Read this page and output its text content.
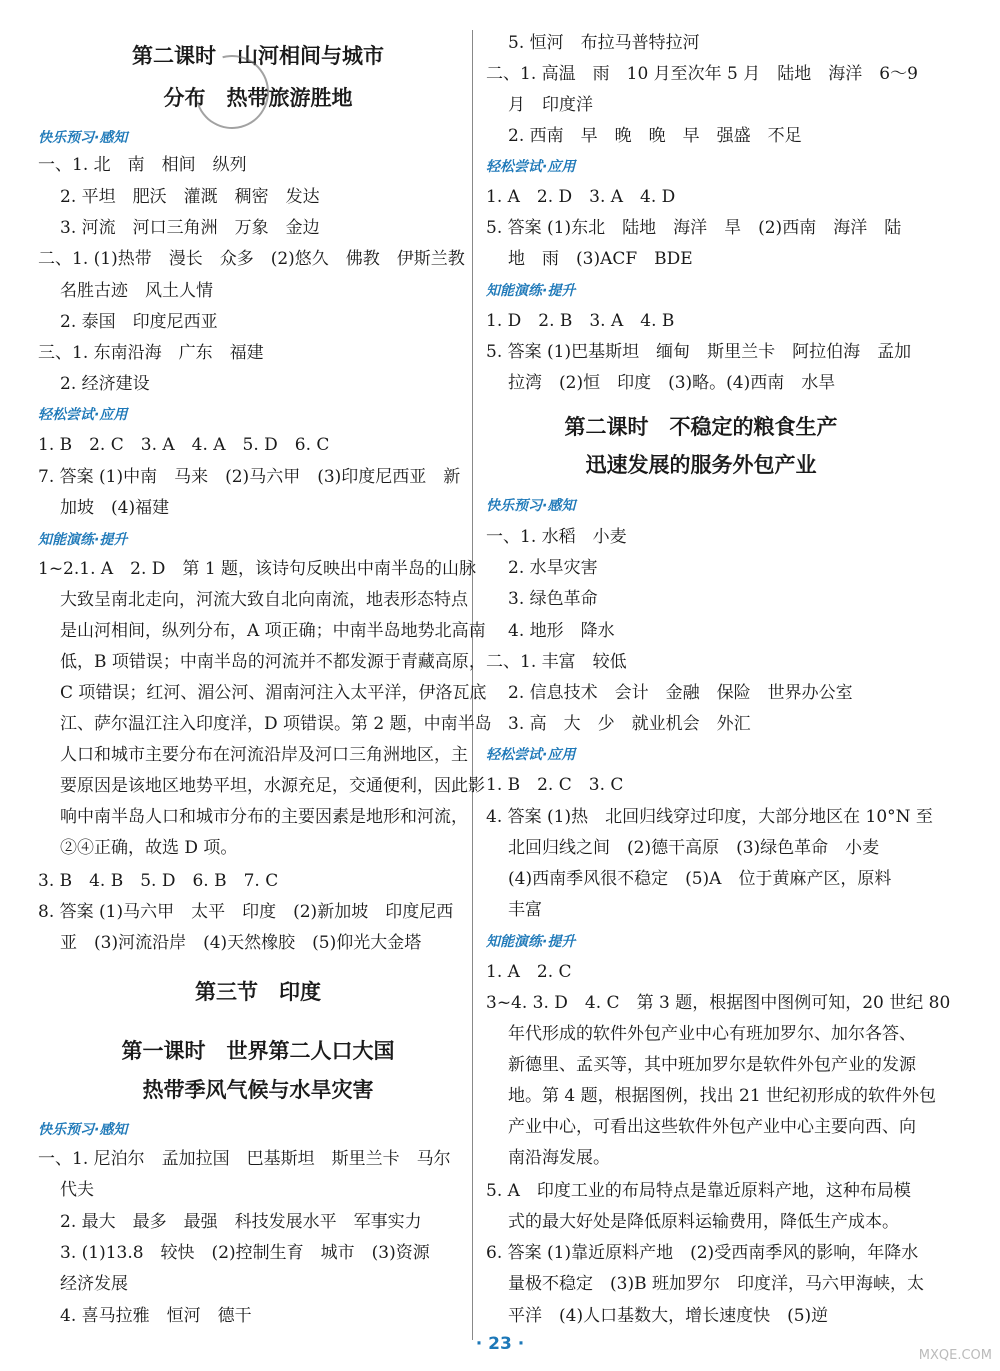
第二课时　山河相间与城市
分布　热带旅游胜地
快乐预习·感知
一、1. 北　南　相间　纵列
2. 平坦　肥沃　灌溉　稠密　发达
3. 河流　河口三角洲　万象　金边
二、1. (1)热带　漫长　众多　(2)悠久　佛教　伊斯兰教
名胜古迹　风土人情
2. 泰国　印度尼西亚
三、1. 东南沿海　广东　福建
2. 经济建设
轻松尝试·应用
1. B　2. C　3. A　4. A　5. D　6. C
7. 答案 (1)中南　马来　(2)马六甲　(3)印度尼西亚　新
加坡　(4)福建
知能演练·提升
1~2.1. A　2. D　第 1 题，该诗句反映出中南半岛的山脉
大致呈南北走向，河流大致自北向南流，地表形态特点
是山河相间，纵列分布，A 项正确；中南半岛地势北高南
低，B 项错误；中南半岛的河流并不都发源于青藏高原，
C 项错误；红河、湄公河、湄南河注入太平洋，伊洛瓦底
江、萨尔温江注入印度洋，D 项错误。第 2 题，中南半岛
人口和城市主要分布在河流沿岸及河口三角洲地区，主
要原因是该地区地势平坦，水源充足，交通便利，因此影
响中南半岛人口和城市分布的主要因素是地形和河流，
②④正确，故选 D 项。
3. B　4. B　5. D　6. B　7. C
8. 答案 (1)马六甲　太平　印度　(2)新加坡　印度尼西
亚　(3)河流沿岸　(4)天然橡胶　(5)仰光大金塔
第三节　印度
第一课时　世界第二人口大国
热带季风气候与水旱灾害
快乐预习·感知
一、1. 尼泊尔　孟加拉国　巴基斯坦　斯里兰卡　马尔
代夫
2. 最大　最多　最强　科技发展水平　军事实力
3. (1)13.8　较快　(2)控制生育　城市　(3)资源
经济发展
4. 喜马拉雅　恒河　德干
5. 恒河　布拉马普特拉河
二、1. 高温　雨　10 月至次年 5 月　陆地　海洋　6～9
月　印度洋
2. 西南　早　晚　晚　早　强盛　不足
轻松尝试·应用
1. A　2. D　3. A　4. D
5. 答案 (1)东北　陆地　海洋　旱　(2)西南　海洋　陆
地　雨　(3)ACF　BDE
知能演练·提升
1. D　2. B　3. A　4. B
5. 答案 (1)巴基斯坦　缅甸　斯里兰卡　阿拉伯海　孟加
拉湾　(2)恒　印度　(3)略。(4)西南　水旱
第二课时　不稳定的粮食生产
迅速发展的服务外包产业
快乐预习·感知
一、1. 水稻　小麦
2. 水旱灾害
3. 绿色革命
4. 地形　降水
二、1. 丰富　较低
2. 信息技术　会计　金融　保险　世界办公室
3. 高　大　少　就业机会　外汇
轻松尝试·应用
1. B　2. C　3. C
4. 答案 (1)热　北回归线穿过印度，大部分地区在 10°N 至
北回归线之间　(2)德干高原　(3)绿色革命　小麦
(4)西南季风很不稳定　(5)A　位于黄麻产区，原料
丰富
知能演练·提升
1. A　2. C
3~4. 3. D　4. C　第 3 题，根据图中图例可知，20 世纪 80
年代形成的软件外包产业中心有班加罗尔、加尔各答、
新德里、孟买等，其中班加罗尔是软件外包产业的发源
地。第 4 题，根据图例，找出 21 世纪初形成的软件外包
产业中心，可看出这些软件外包产业中心主要向西、向
南沿海发展。
5. A　印度工业的布局特点是靠近原料产地，这种布局模
式的最大好处是降低原料运输费用，降低生产成本。
6. 答案 (1)靠近原料产地　(2)受西南季风的影响，年降水
量极不稳定　(3)B 班加罗尔　印度洋，马六甲海峡，太
平洋　(4)人口基数大，增长速度快　(5)逆
· 23 ·
MXQE.COM
